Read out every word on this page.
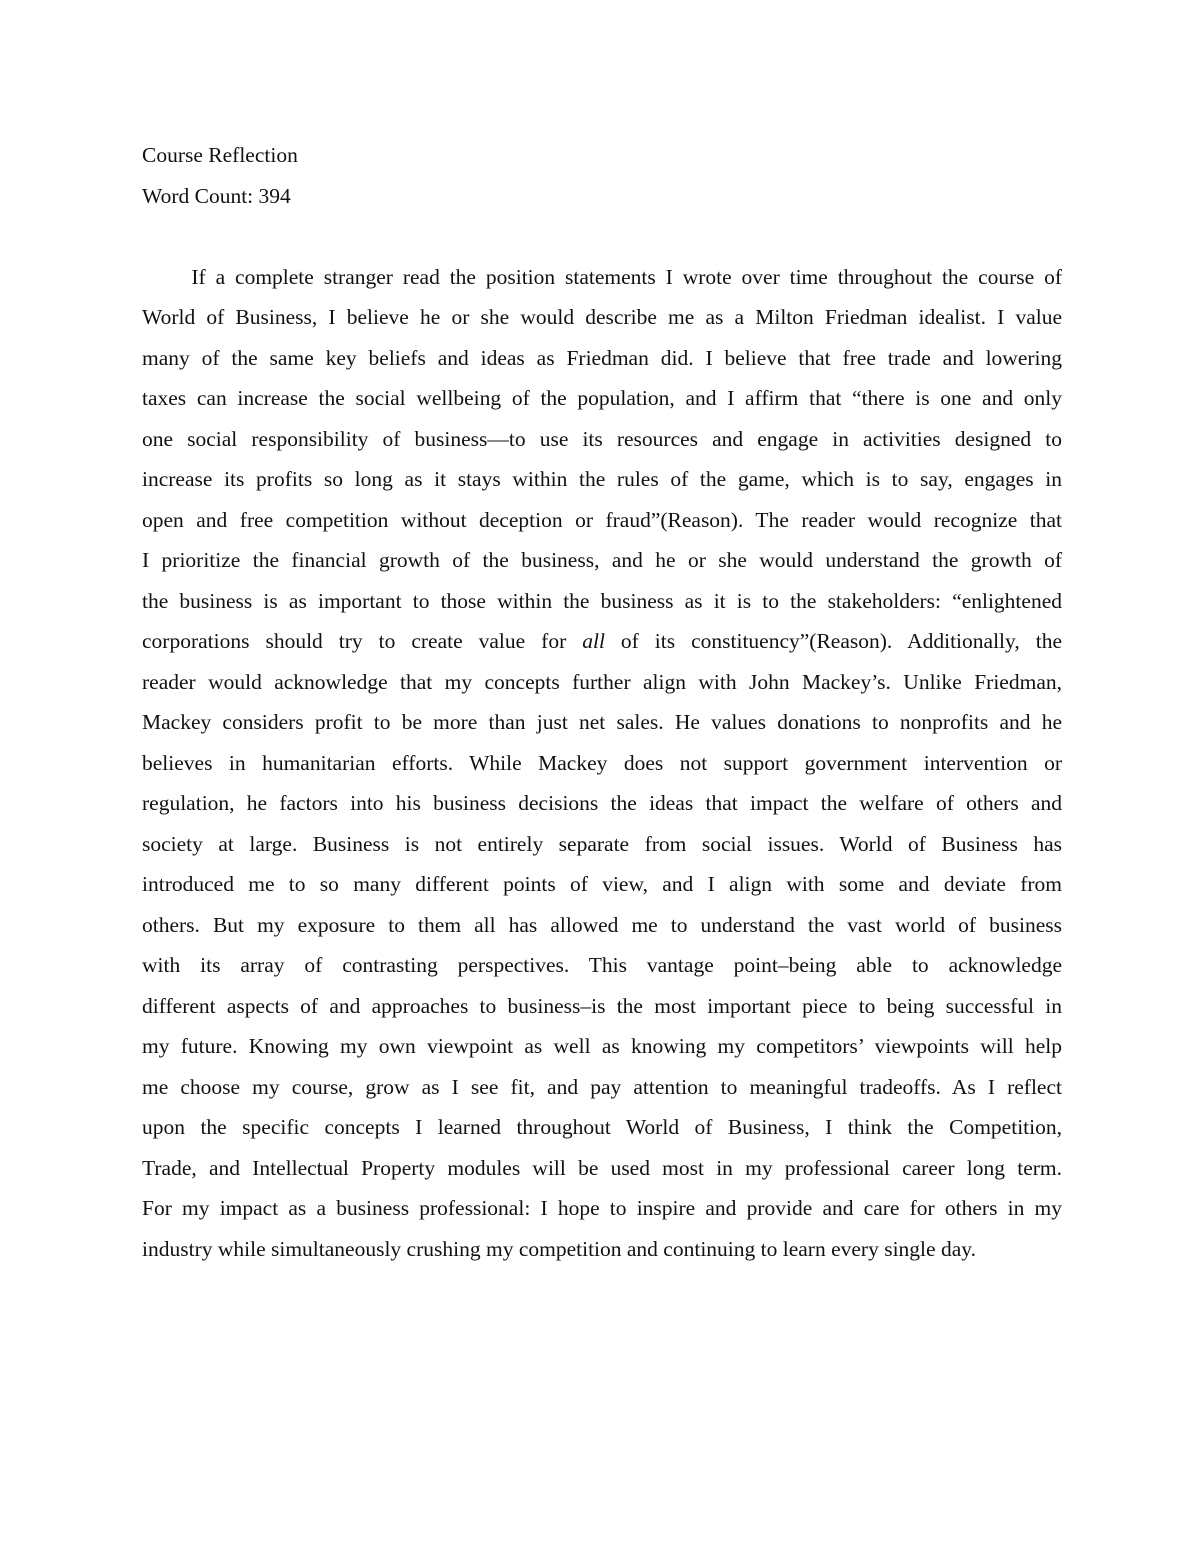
Course Reflection

Word Count: 394

If a complete stranger read the position statements I wrote over time throughout the course of

World of Business, I believe he or she would describe me as a Milton Friedman idealist. I value

many of the same key beliefs and ideas as Friedman did. I believe that free trade and lowering

taxes can increase the social wellbeing of the population, and I affirm that “there is one and only

one social responsibility of business—to use its resources and engage in activities designed to

increase its profits so long as it stays within the rules of the game, which is to say, engages in

open and free competition without deception or fraud”(Reason). The reader would recognize that

I prioritize the financial growth of the business, and he or she would understand the growth of

the business is as important to those within the business as it is to the stakeholders: “enlightened

corporations should try to create value for all of its constituency”(Reason). Additionally, the

reader would acknowledge that my concepts further align with John Mackey’s. Unlike Friedman,

Mackey considers profit to be more than just net sales. He values donations to nonprofits and he

believes in humanitarian efforts. While Mackey does not support government intervention or

regulation, he factors into his business decisions the ideas that impact the welfare of others and

society at large. Business is not entirely separate from social issues. World of Business has

introduced me to so many different points of view, and I align with some and deviate from

others. But my exposure to them all has allowed me to understand the vast world of business

with its array of contrasting perspectives. This vantage point–being able to acknowledge

different aspects of and approaches to business–is the most important piece to being successful in

my future. Knowing my own viewpoint as well as knowing my competitors’ viewpoints will help

me choose my course, grow as I see fit, and pay attention to meaningful tradeoffs. As I reflect

upon the specific concepts I learned throughout World of Business, I think the Competition,

Trade, and Intellectual Property modules will be used most in my professional career long term.

For my impact as a business professional: I hope to inspire and provide and care for others in my

industry while simultaneously crushing my competition and continuing to learn every single day.
